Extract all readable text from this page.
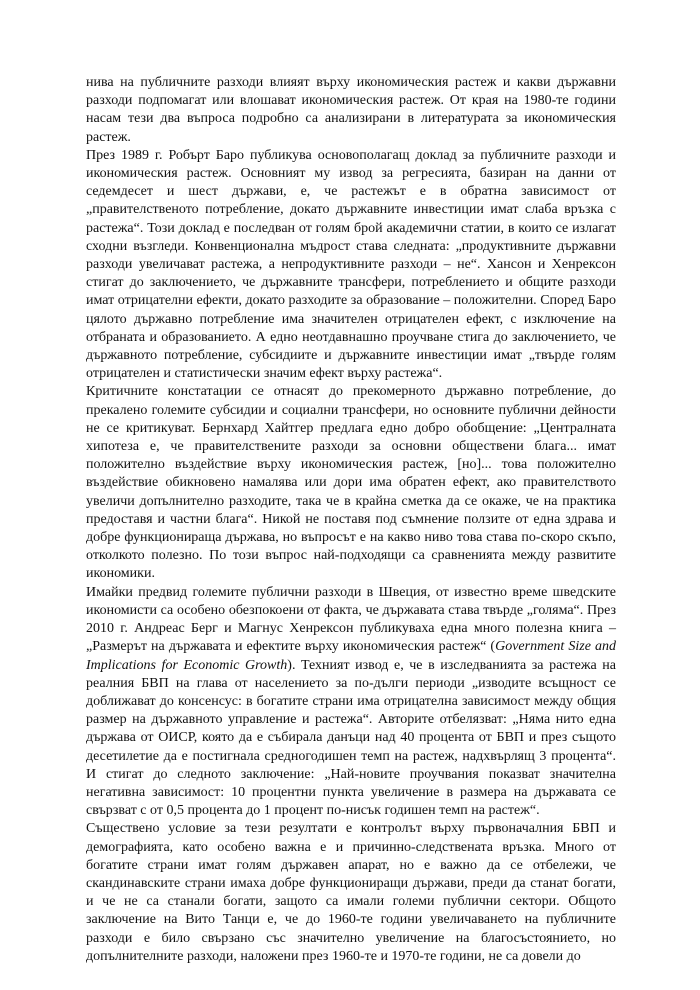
нива на публичните разходи влияят върху икономическия растеж и какви държавни разходи подпомагат или влошават икономическия растеж. От края на 1980-те години насам тези два въпроса подробно са анализирани в литературата за икономическия растеж.

През 1989 г. Робърт Баро публикува основополагащ доклад за публичните разходи и икономическия растеж. Основният му извод за регресията, базиран на данни от седемдесет и шест държави, е, че растежът е в обратна зависимост от „правителственото потребление, докато държавните инвестиции имат слаба връзка с растежа“. Този доклад е последван от голям брой академични статии, в които се излагат сходни възгледи. Конвенционална мъдрост става следната: „продуктивните държавни разходи увеличават растежа, а непродуктивните разходи – не“. Хансон и Хенрексон стигат до заключението, че държавните трансфери, потреблението и общите разходи имат отрицателни ефекти, докато разходите за образование – положителни. Според Баро цялото държавно потребление има значителен отрицателен ефект, с изключение на отбраната и образованието. А едно неотдавнашно проучване стига до заключението, че държавното потребление, субсидиите и държавните инвестиции имат „твърде голям отрицателен и статистически значим ефект върху растежа“.

Критичните констатации се отнасят до прекомерното държавно потребление, до прекалено големите субсидии и социални трансфери, но основните публични дейности не се критикуват. Бернхард Хайтгер предлага едно добро обобщение: „Централната хипотеза е, че правителствените разходи за основни обществени блага... имат положително въздействие върху икономическия растеж, [но]... това положително въздействие обикновено намалява или дори има обратен ефект, ако правителството увеличи допълнително разходите, така че в крайна сметка да се окаже, че на практика предоставя и частни блага“. Никой не поставя под съмнение ползите от една здрава и добре функционираща държава, но въпросът е на какво ниво това става по-скоро скъпо, отколкото полезно. По този въпрос най-подходящи са сравненията между развитите икономики.

Имайки предвид големите публични разходи в Швеция, от известно време шведските икономисти са особено обезпокоени от факта, че държавата става твърде „голяма“. През 2010 г. Андреас Берг и Магнус Хенрексон публикуваха една много полезна книга – „Размерът на държавата и ефектите върху икономическия растеж“ (Government Size and Implications for Economic Growth). Техният извод е, че в изследванията за растежа на реалния БВП на глава от населението за по-дълги периоди „изводите всъщност се доближават до консенсус: в богатите страни има отрицателна зависимост между общия размер на държавното управление и растежа“. Авторите отбелязват: „Няма нито една държава от ОИСР, която да е събирала данъци над 40 процента от БВП и през същото десетилетие да е постигнала средногодишен темп на растеж, надхвърлящ 3 процента“. И стигат до следното заключение: „Най-новите проучвания показват значителна негативна зависимост: 10 процентни пункта увеличение в размера на държавата се свързват с от 0,5 процента до 1 процент по-нисък годишен темп на растеж“.

Съществено условие за тези резултати е контролът върху първоначалния БВП и демографията, като особено важна е и причинно-следствената връзка. Много от богатите страни имат голям държавен апарат, но е важно да се отбележи, че скандинавските страни имаха добре функциониращи държави, преди да станат богати, и че не са станали богати, защото са имали големи публични сектори. Общото заключение на Вито Танци е, че до 1960-те години увеличаването на публичните разходи е било свързано със значително увеличение на благосъстоянието, но допълнителните разходи, наложени през 1960-те и 1970-те години, не са довели до
